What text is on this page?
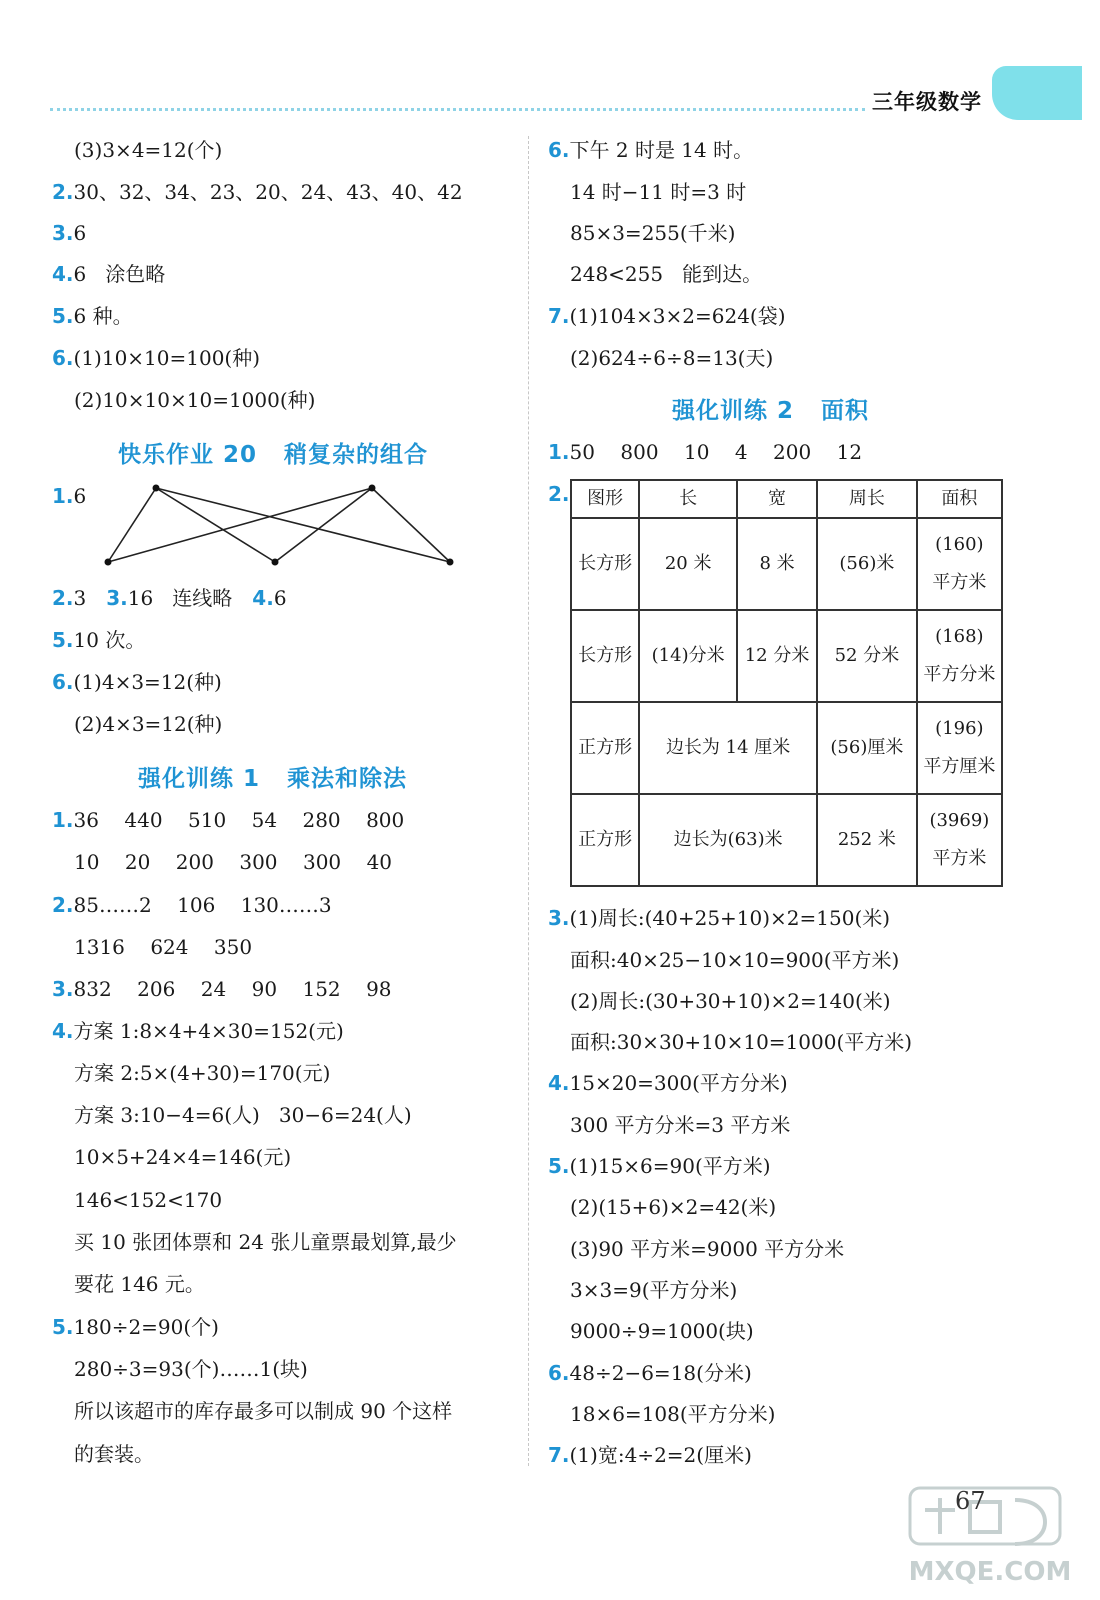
三年级数学
(3)3×4=12(个)
2.30、32、34、23、20、24、43、40、42
3.6
4.6   涂色略
5.6 种。
6.(1)10×10=100(种)
(2)10×10×10=1000(种)
快乐作业 20   稍复杂的组合
1.6
2.3 3.16   连线略 4.6
5.10 次。
6.(1)4×3=12(种)
(2)4×3=12(种)
强化训练 1   乘法和除法
1.36    440    510    54    280    800
10    20    200    300    300    40
2.85……2    106    130……3
1316    624    350
3.832    206    24    90    152    98
4.方案 1:8×4+4×30=152(元)
方案 2:5×(4+30)=170(元)
方案 3:10−4=6(人)   30−6=24(人)
10×5+24×4=146(元)
146<152<170
买 10 张团体票和 24 张儿童票最划算,最少
要花 146 元。
5.180÷2=90(个)
280÷3=93(个)……1(块)
所以该超市的库存最多可以制成 90 个这样
的套装。
6.下午 2 时是 14 时。
14 时−11 时=3 时
85×3=255(千米)
248<255   能到达。
7.(1)104×3×2=624(袋)
(2)624÷6÷8=13(天)
强化训练 2   面积
1.50    800    10    4    200    12
2. 图形	长	宽	周长	面积
长方形	20 米	8 米	(56)米	(160)
平方米

长方形	(14)分米	12 分米	52 分米	(168)
平方分米

正方形	边长为 14 厘米		(56)厘米	(196)
平方厘米

正方形	边长为(63)米		252 米	(3969)
平方米
3.(1)周长:(40+25+10)×2=150(米)
面积:40×25−10×10=900(平方米)
(2)周长:(30+30+10)×2=140(米)
面积:30×30+10×10=1000(平方米)
4.15×20=300(平方分米)
300 平方分米=3 平方米
5.(1)15×6=90(平方米)
(2)(15+6)×2=42(米)
(3)90 平方米=9000 平方分米
3×3=9(平方分米)
9000÷9=1000(块)
6.48÷2−6=18(分米)
18×6=108(平方分米)
7.(1)宽:4÷2=2(厘米)
MXQE.COM
67
